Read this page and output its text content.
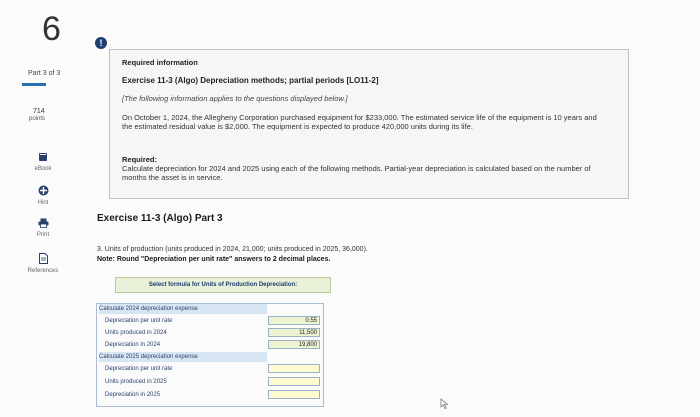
6
Part 3 of 3
714
points
eBook
Hint
Print
References
!
Required information
Exercise 11-3 (Algo) Depreciation methods; partial periods [LO11-2]
[The following information applies to the questions displayed below.]
On October 1, 2024, the Allegheny Corporation purchased equipment for $233,000. The estimated service life of the equipment is 10 years and the estimated residual value is $2,000. The equipment is expected to produce 420,000 units during its life.
Required:
Calculate depreciation for 2024 and 2025 using each of the following methods. Partial-year depreciation is calculated based on the number of months the asset is in service.
Exercise 11-3 (Algo) Part 3
3. Units of production (units produced in 2024, 21,000; units produced in 2025, 36,000).
Note: Round "Depreciation per unit rate" answers to 2 decimal places.
Select formula for Units of Production Depreciation:
Calculate 2024 depreciation expense
Depreciation per unit rate	0.55
Units produced in 2024	11,500
Depreciation in 2024	19,800
Calculate 2025 depreciation expense
Depreciation per unit rate
Units produced in 2025
Depreciation in 2025
